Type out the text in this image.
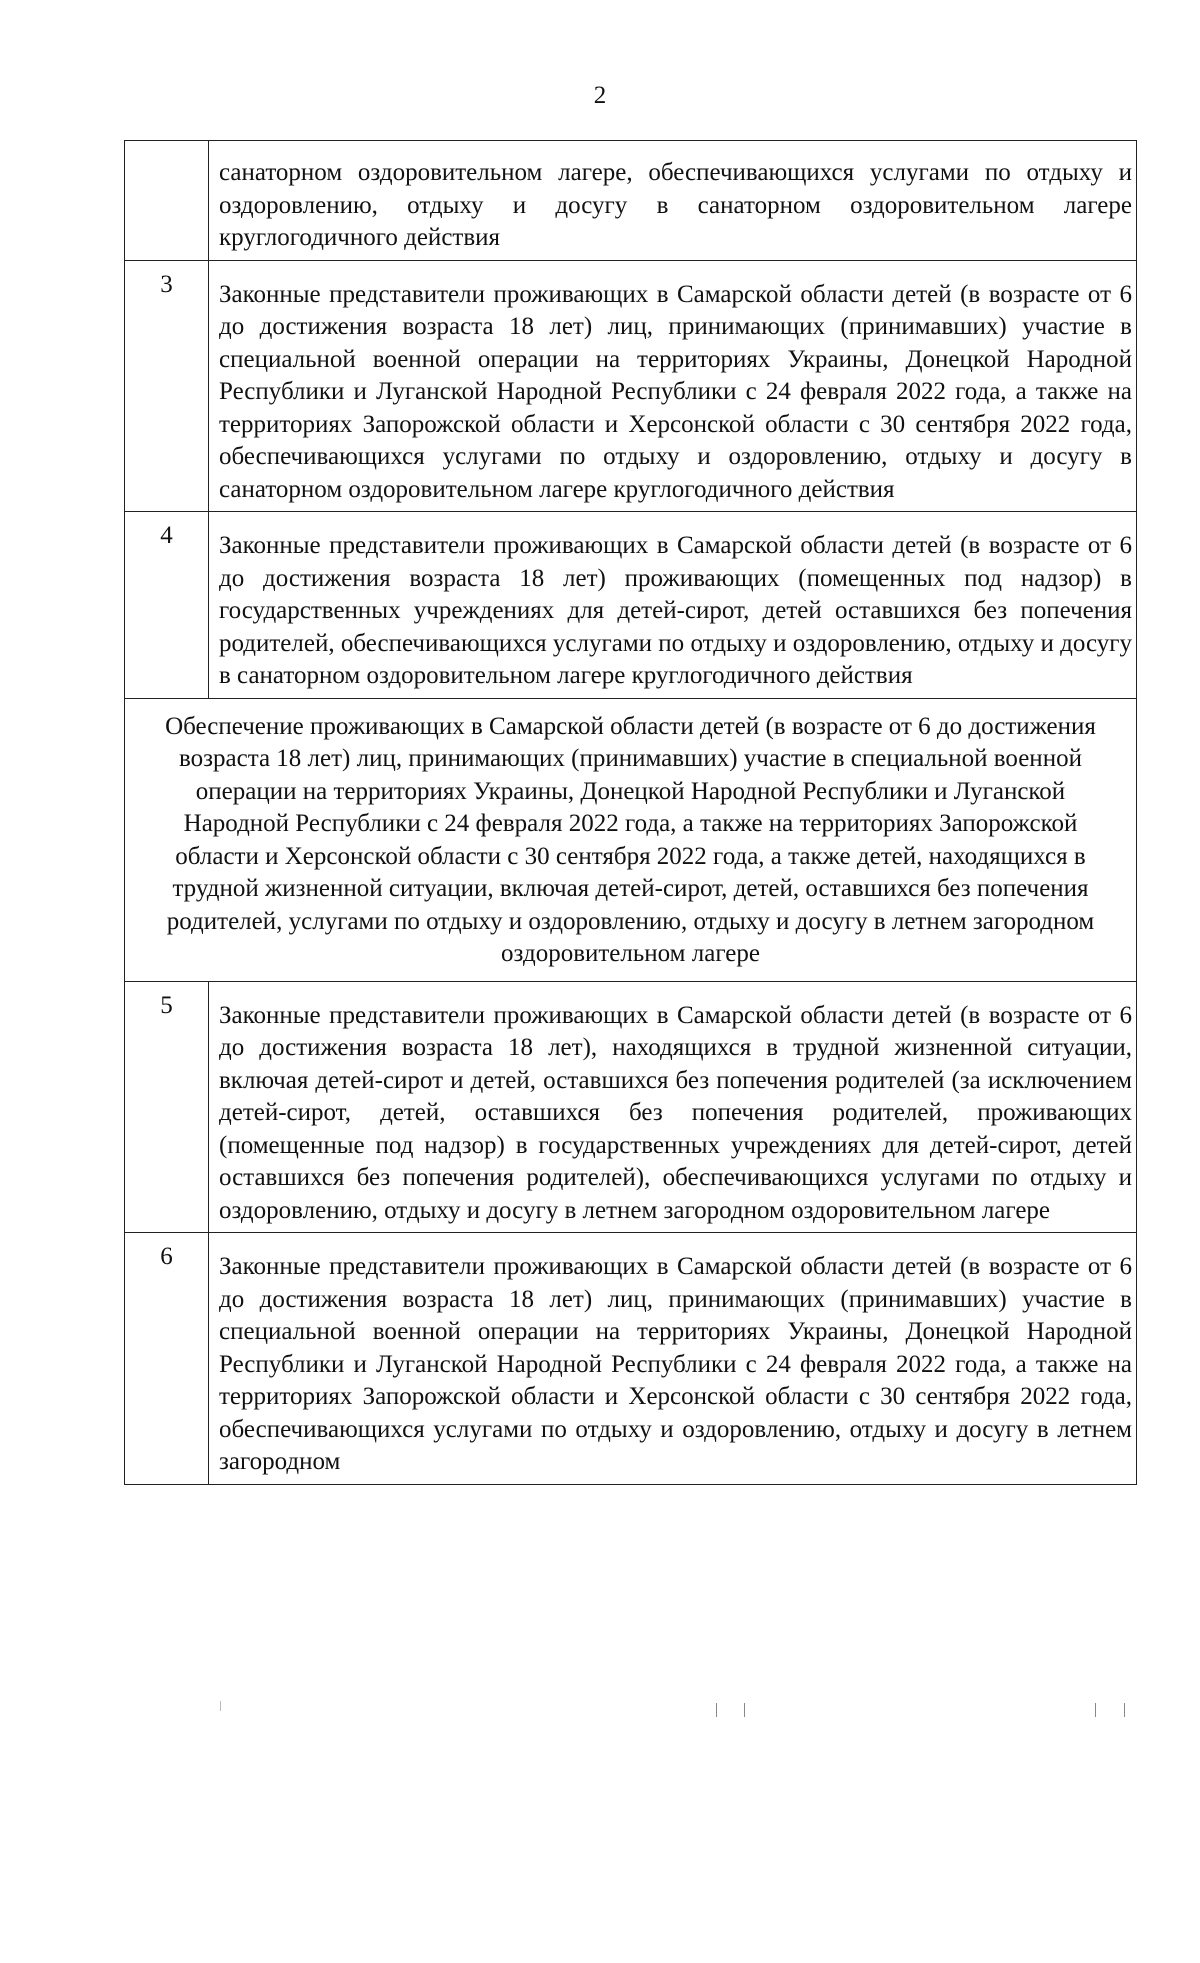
2
	санаторном оздоровительном лагере, обеспечивающихся услугами по отдыху и оздоровлению, отдыху и досугу в санаторном оздоровительном лагере круглогодичного действия
3	Законные представители проживающих в Самарской области детей (в возрасте от 6 до достижения возраста 18 лет) лиц, принимающих (принимавших) участие в специальной военной операции на территориях Украины, Донецкой Народной Республики и Луганской Народной Республики с 24 февраля 2022 года, а также на территориях Запорожской области и Херсонской области с 30 сентября 2022 года, обеспечивающихся услугами по отдыху и оздоровлению, отдыху и досугу в санаторном оздоровительном лагере круглогодичного действия
4	Законные представители проживающих в Самарской области детей (в возрасте от 6 до достижения возраста 18 лет) проживающих (помещенных под надзор) в государственных учреждениях для детей-сирот, детей оставшихся без попечения родителей, обеспечивающихся услугами по отдыху и оздоровлению, отдыху и досугу в санаторном оздоровительном лагере круглогодичного действия
Обеспечение проживающих в Самарской области детей (в возрасте от 6 до достижения возраста 18 лет) лиц, принимающих (принимавших) участие в специальной военной операции на территориях Украины, Донецкой Народной Республики и Луганской Народной Республики с 24 февраля 2022 года, а также на территориях Запорожской области и Херсонской области с 30 сентября 2022 года, а также детей, находящихся в трудной жизненной ситуации, включая детей-сирот, детей, оставшихся без попечения родителей, услугами по отдыху и оздоровлению, отдыху и досугу в летнем загородном оздоровительном лагере	
5	Законные представители проживающих в Самарской области детей (в возрасте от 6 до достижения возраста 18 лет), находящихся в трудной жизненной ситуации, включая детей-сирот и детей, оставшихся без попечения родителей (за исключением детей-сирот, детей, оставшихся без попечения родителей, проживающих (помещенные под надзор) в государственных учреждениях для детей-сирот, детей оставшихся без попечения родителей), обеспечивающихся услугами по отдыху и оздоровлению, отдыху и досугу в летнем загородном оздоровительном лагере
6	Законные представители проживающих в Самарской области детей (в возрасте от 6 до достижения возраста 18 лет) лиц, принимающих (принимавших) участие в специальной военной операции на территориях Украины, Донецкой Народной Республики и Луганской Народной Республики с 24 февраля 2022 года, а также на территориях Запорожской области и Херсонской области с 30 сентября 2022 года, обеспечивающихся услугами по отдыху и оздоровлению, отдыху и досугу в летнем загородном
